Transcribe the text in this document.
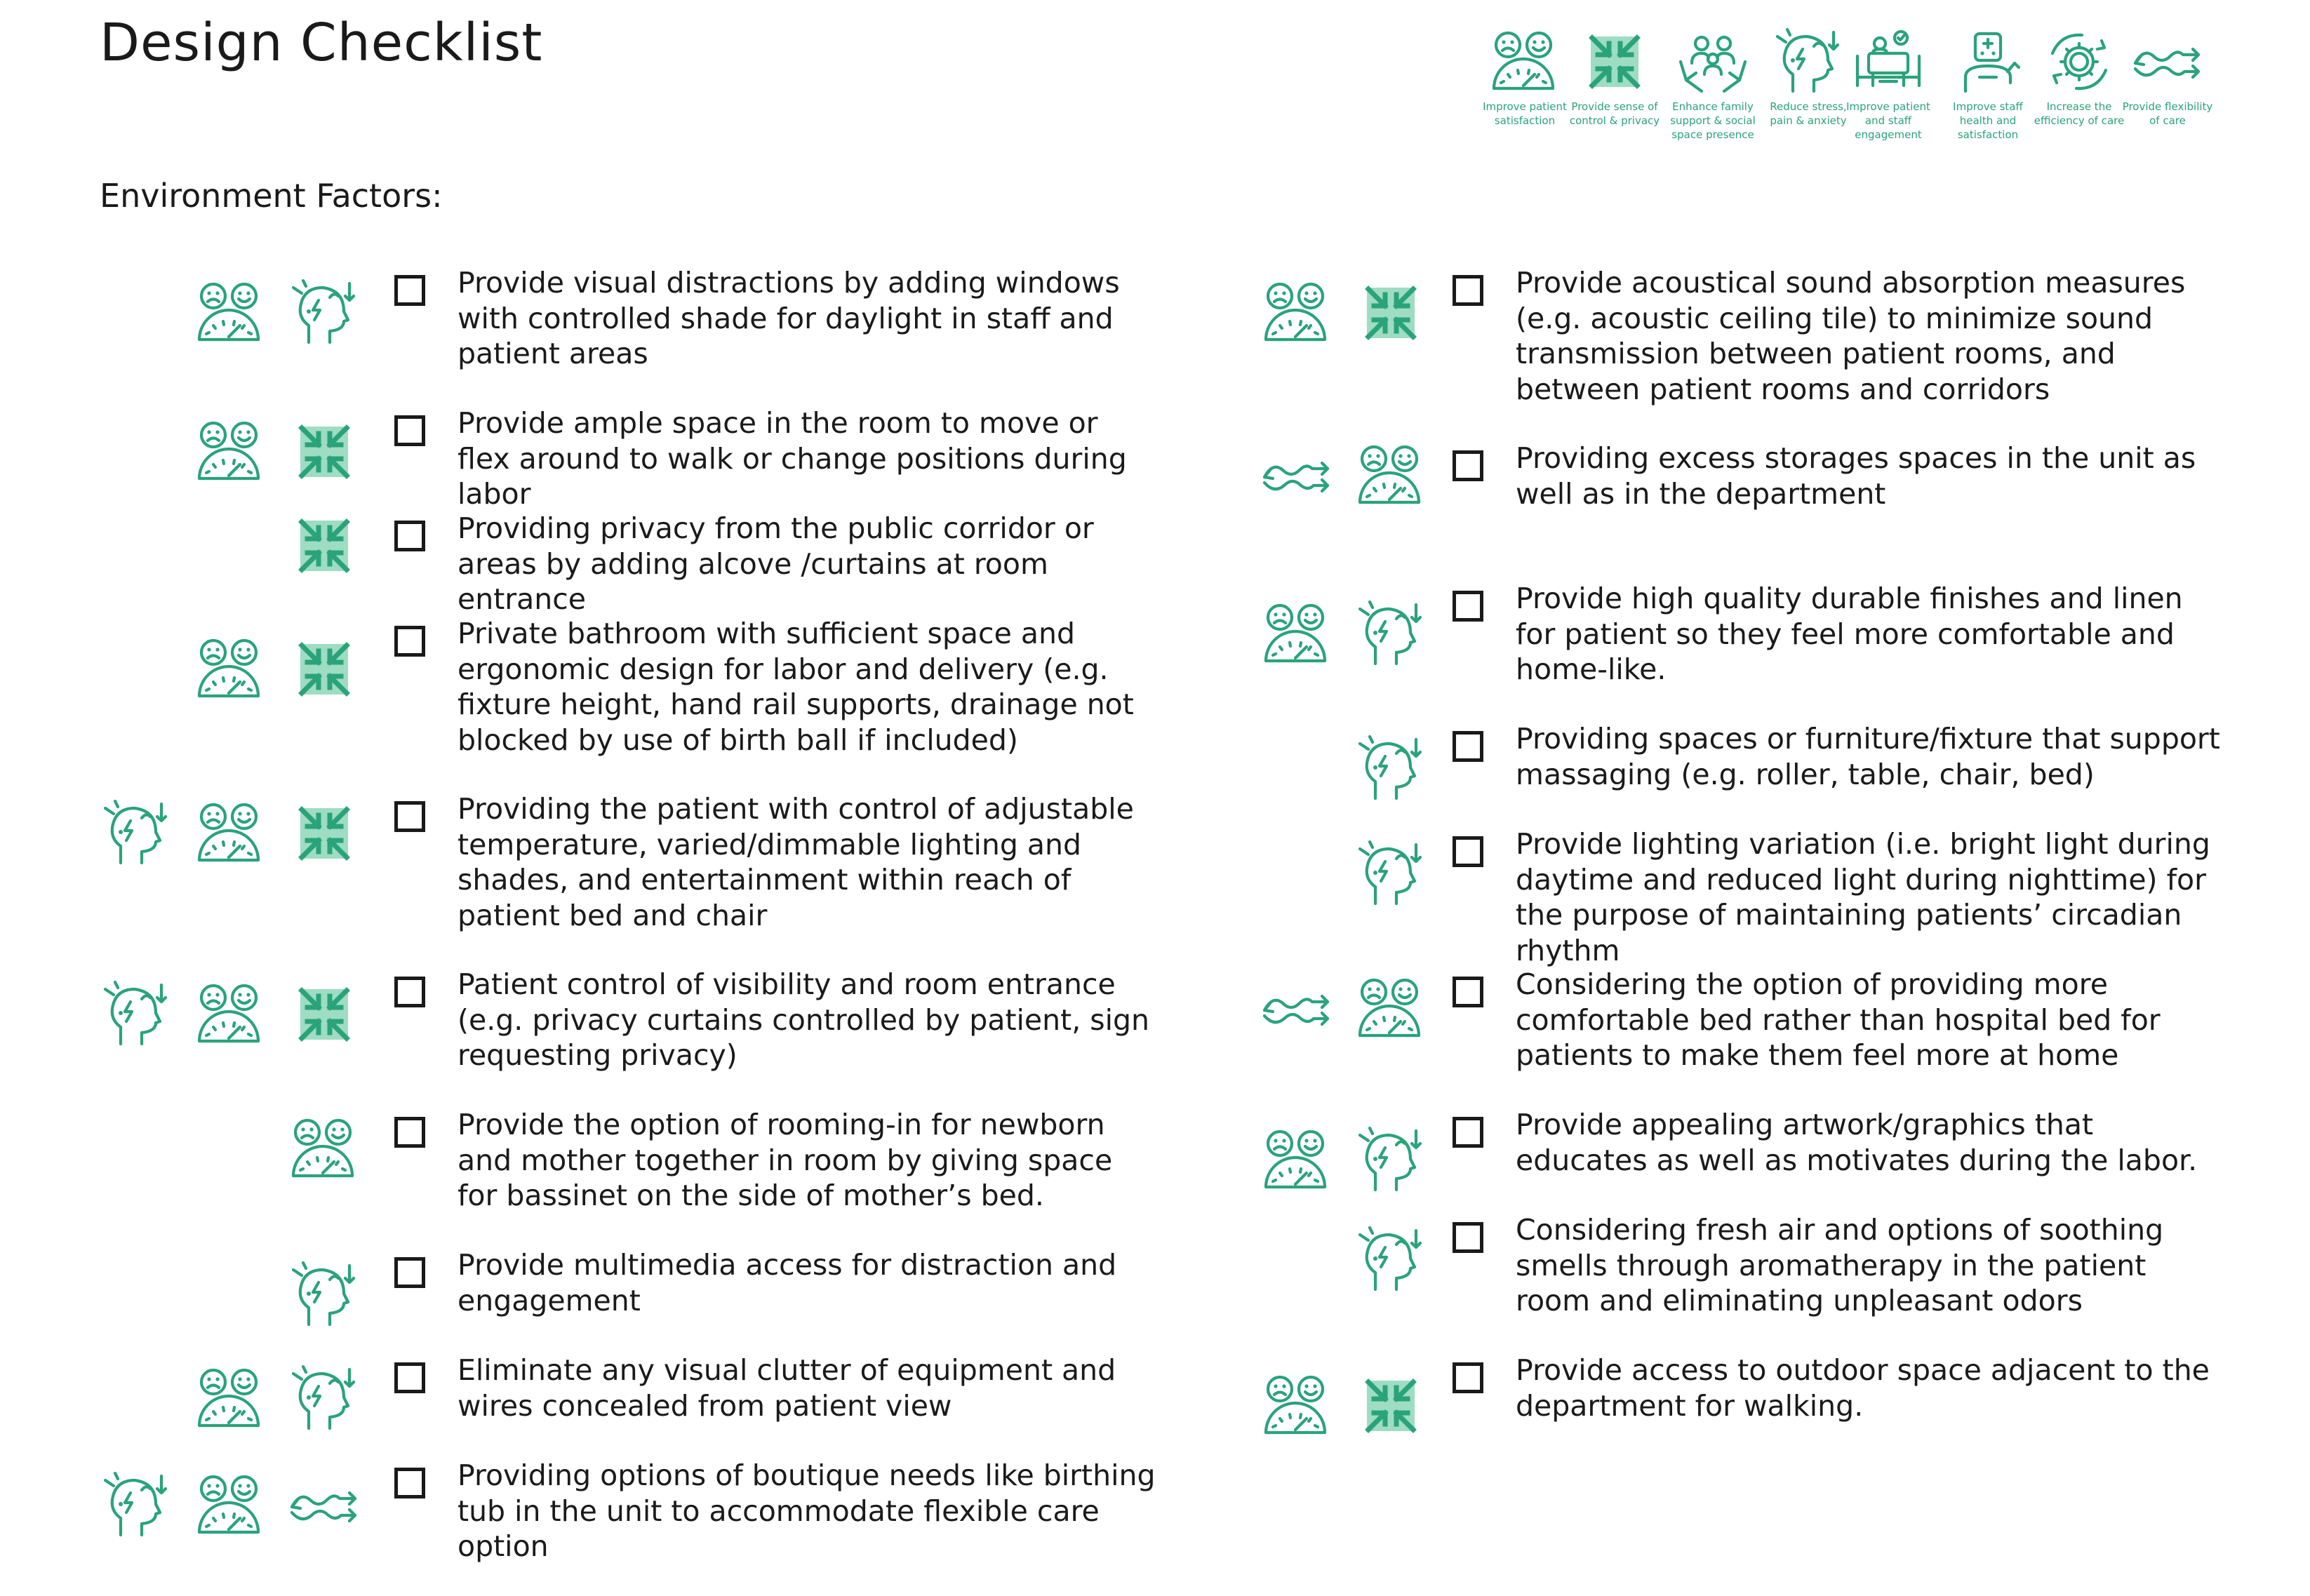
Design Checklist
Environment Factors:
Improve patient satisfaction
Provide sense of control & privacy
Enhance family support & social space presence
Reduce stress, pain & anxiety
Improve patient and staff engagement
Improve staff health and satisfaction
Increase the efficiency of care
Provide flexibility of care

Provide visual distractions by adding windows with controlled shade for daylight in staff and patient areas

Provide ample space in the room to move or flex around to walk or change positions during labor

Providing privacy from the public corridor or areas by adding alcove /curtains at room entrance

Private bathroom with sufficient space and ergonomic design for labor and delivery (e.g. fixture height, hand rail supports, drainage not blocked by use of birth ball if included)

Providing the patient with control of adjustable temperature, varied/dimmable lighting and shades, and entertainment within reach of patient bed and chair

Patient control of visibility and room entrance (e.g. privacy curtains controlled by patient, sign requesting privacy)

Provide the option of rooming-in for newborn and mother together in room by giving space for bassinet on the side of mother’s bed.

Provide multimedia access for distraction and engagement

Eliminate any visual clutter of equipment and wires concealed from patient view

Providing options of boutique needs like birthing tub in the unit to accommodate flexible care option

Provide acoustical sound absorption measures (e.g. acoustic ceiling tile) to minimize sound transmission between patient rooms, and between patient rooms and corridors

Providing excess storages spaces in the unit as well as in the department

Provide high quality durable finishes and linen for patient so they feel more comfortable and home-like.

Providing spaces or furniture/fixture that support massaging (e.g. roller, table, chair, bed)

Provide lighting variation (i.e. bright light during daytime and reduced light during nighttime) for the purpose of maintaining patients’ circadian rhythm

Considering the option of providing more comfortable bed rather than hospital bed for patients to make them feel more at home

Provide appealing artwork/graphics that educates as well as motivates during the labor.

Considering fresh air and options of soothing smells through aromatherapy in the patient room and eliminating unpleasant odors

Provide access to outdoor space adjacent to the department for walking.
